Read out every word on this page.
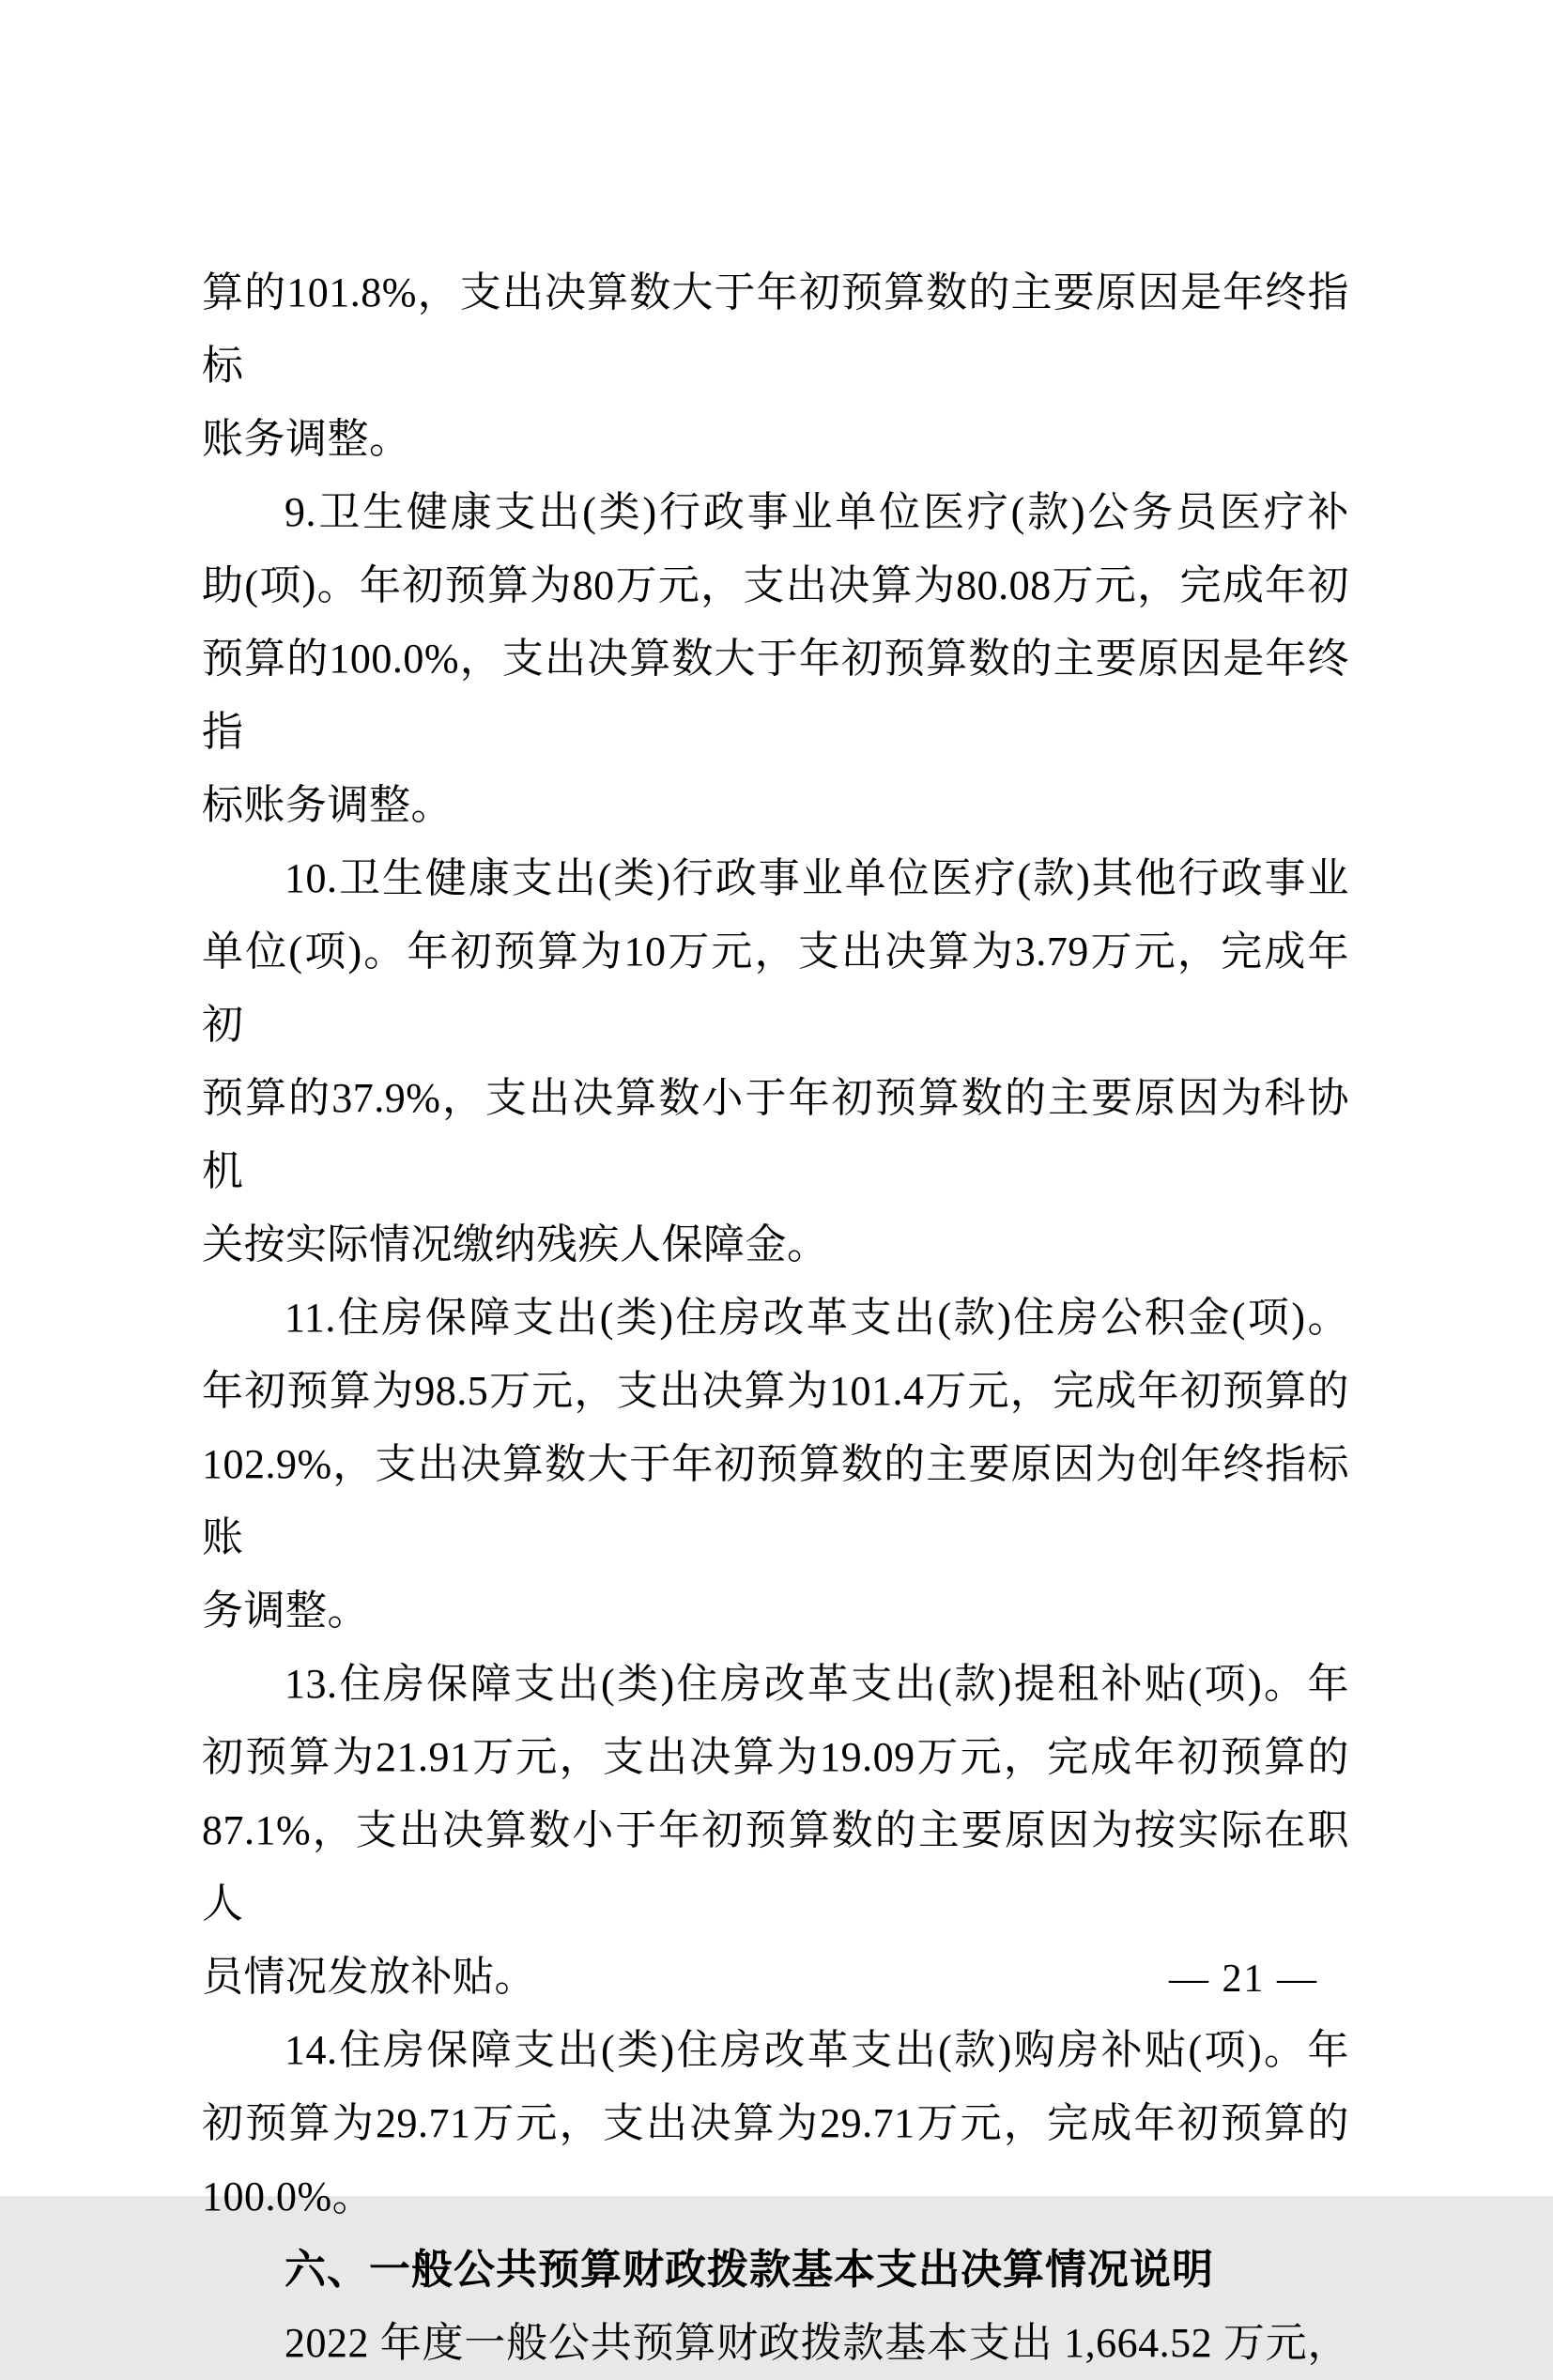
算的101.8%，支出决算数大于年初预算数的主要原因是年终指标
账务调整。
9.卫生健康支出(类)行政事业单位医疗(款)公务员医疗补
助(项)。年初预算为80万元，支出决算为80.08万元，完成年初
预算的100.0%，支出决算数大于年初预算数的主要原因是年终指
标账务调整。
10.卫生健康支出(类)行政事业单位医疗(款)其他行政事业
单位(项)。年初预算为10万元，支出决算为3.79万元，完成年初
预算的37.9%，支出决算数小于年初预算数的主要原因为科协机
关按实际情况缴纳残疾人保障金。
11.住房保障支出(类)住房改革支出(款)住房公积金(项)。
年初预算为98.5万元，支出决算为101.4万元，完成年初预算的
102.9%，支出决算数大于年初预算数的主要原因为创年终指标账
务调整。
13.住房保障支出(类)住房改革支出(款)提租补贴(项)。年
初预算为21.91万元，支出决算为19.09万元，完成年初预算的
87.1%，支出决算数小于年初预算数的主要原因为按实际在职人
员情况发放补贴。
14.住房保障支出(类)住房改革支出(款)购房补贴(项)。年
初预算为29.71万元，支出决算为29.71万元，完成年初预算的
100.0%。
六、一般公共预算财政拨款基本支出决算情况说明
2022 年度一般公共预算财政拨款基本支出 1,664.52 万元，
— 21 —
